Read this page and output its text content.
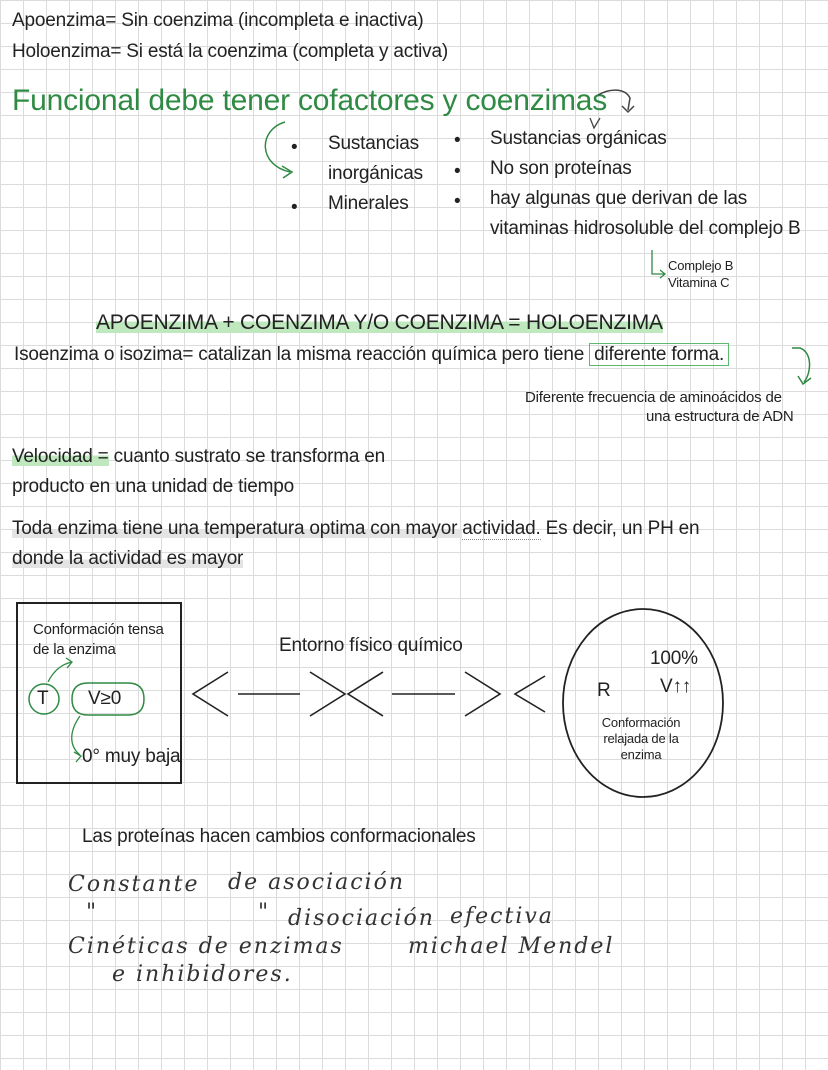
Apoenzima= Sin coenzima (incompleta e inactiva)
Holoenzima= Si está la coenzima (completa y activa)
Funcional debe tener cofactores y coenzimas
• Sustancias
inorgánicas
• Minerales
• Sustancias orgánicas
• No son proteínas
• hay algunas que derivan de las
vitaminas hidrosoluble del complejo B
Complejo B
Vitamina C
APOENZIMA + COENZIMA Y/O COENZIMA = HOLOENZIMA
Isoenzima o isozima= catalizan la misma reacción química pero tiene diferente forma.
Diferente frecuencia de aminoácidos de
una estructura de ADN
Velocidad = cuanto sustrato se transforma en
producto en una unidad de tiempo
Toda enzima tiene una temperatura optima con mayor actividad. Es decir, un PH en
donde la actividad es mayor
Conformación tensa
de la enzima
T V≥0
0° muy baja
Entorno físico químico
100%
R	V↑↑
Conformación
relajada de la
enzima
Las proteínas hacen cambios conformacionales
Constante de asociación
"	" disociación efectiva
Cinéticas de enzimas	michael Mendel
e inhibidores.
